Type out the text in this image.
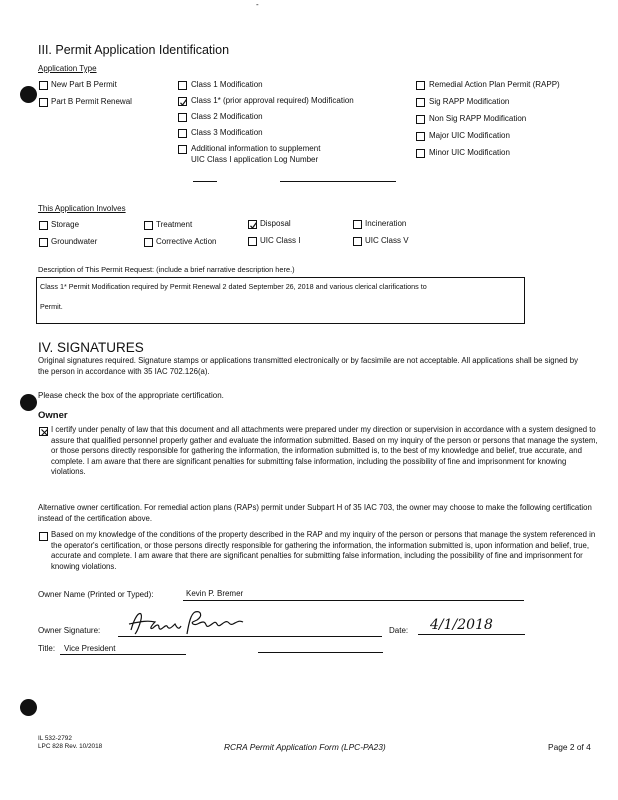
-
III. Permit Application Identification
Application Type
New Part B Permit
Part B Permit Renewal
Class 1 Modification
Class 1* (prior approval required) Modification
Class 2 Modification
Class 3 Modification
Additional information to supplement
UIC Class I application Log Number
Remedial Action Plan Permit (RAPP)
Sig RAPP Modification
Non Sig RAPP Modification
Major UIC Modification
Minor UIC Modification
This Application Involves
Storage	Treatment	Disposal	Incineration
Groundwater	Corrective Action	UIC Class I	UIC Class V
Description of This Permit Request: (include a brief narrative description here.)
Class 1* Permit Modification required by Permit Renewal 2 dated September 26, 2018 and various clerical clarifications to
Permit.
IV. SIGNATURES
Original signatures required. Signature stamps or applications transmitted electronically or by facsimile are not acceptable. All applications shall be signed by the person in accordance with 35 IAC 702.126(a).
Please check the box of the appropriate certification.
Owner
I certify under penalty of law that this document and all attachments were prepared under my direction or supervision in accordance with a system designed to assure that qualified personnel properly gather and evaluate the information submitted. Based on my inquiry of the person or persons that manage the system, or those persons directly responsible for gathering the information, the information submitted is, to the best of my knowledge and belief, true accurate, and complete. I am aware that there are significant penalties for submitting false information, including the possibility of fine and imprisonment for knowing violations.
Alternative owner certification. For remedial action plans (RAPs) permit under Subpart H of 35 IAC 703, the owner may choose to make the following certification instead of the certification above.
Based on my knowledge of the conditions of the property described in the RAP and my inquiry of the person or persons that manage the system referenced in the operator's certification, or those persons directly responsible for gathering the information, the information submitted is, upon information and belief, true, accurate and complete. I am aware that there are significant penalties for submitting false information, including the possibility of fine and imprisonment for knowing violations.
Owner Name (Printed or Typed):	Kevin P. Bremer
Owner Signature:	Date: 4/1/2018
Title: Vice President
IL 532-2792
LPC 828 Rev. 10/2018	RCRA Permit Application Form (LPC-PA23)	Page 2 of 4
